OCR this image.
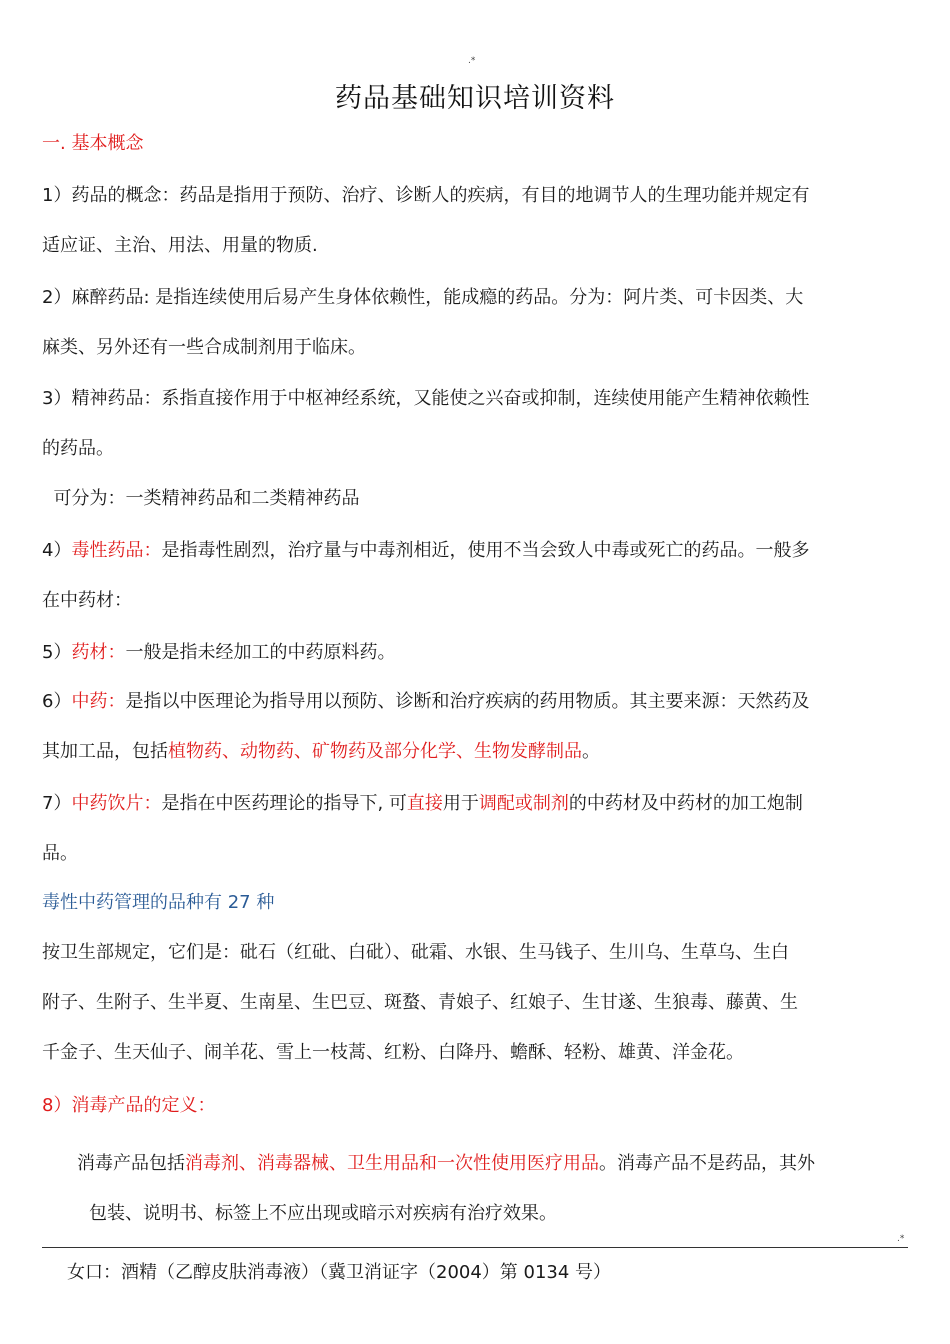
.*
药品基础知识培训资料
一. 基本概念
1）药品的概念：药品是指用于预防、治疗、诊断人的疾病，有目的地调节人的生理功能并规定有
适应证、主治、用法、用量的物质.
2）麻醉药品: 是指连续使用后易产生身体依赖性，能成瘾的药品。分为：阿片类、可卡因类、大
麻类、另外还有一些合成制剂用于临床。
3）精神药品：系指直接作用于中枢神经系统，又能使之兴奋或抑制，连续使用能产生精神依赖性
的药品。
可分为：一类精神药品和二类精神药品
4）毒性药品：是指毒性剧烈，治疗量与中毒剂相近，使用不当会致人中毒或死亡的药品。一般多
在中药材：
5）药材：一般是指未经加工的中药原料药。
6）中药：是指以中医理论为指导用以预防、诊断和治疗疾病的药用物质。其主要来源：天然药及
其加工品，包括植物药、动物药、矿物药及部分化学、生物发酵制品。
7）中药饮片：是指在中医药理论的指导下, 可直接用于调配或制剂的中药材及中药材的加工炮制
品。
毒性中药管理的品种有 27 种
按卫生部规定，它们是：砒石（红砒、白砒）、砒霜、水银、生马钱子、生川乌、生草乌、生白
附子、生附子、生半夏、生南星、生巴豆、斑蝥、青娘子、红娘子、生甘遂、生狼毒、藤黄、生
千金子、生天仙子、闹羊花、雪上一枝蒿、红粉、白降丹、蟾酥、轻粉、雄黄、洋金花。
8）消毒产品的定义：
消毒产品包括消毒剂、消毒器械、卫生用品和一次性使用医疗用品。消毒产品不是药品，其外
包装、说明书、标签上不应出现或暗示对疾病有治疗效果。
.*
女口：酒精（乙醇皮肤消毒液）（冀卫消证字（2004）第 0134 号）
